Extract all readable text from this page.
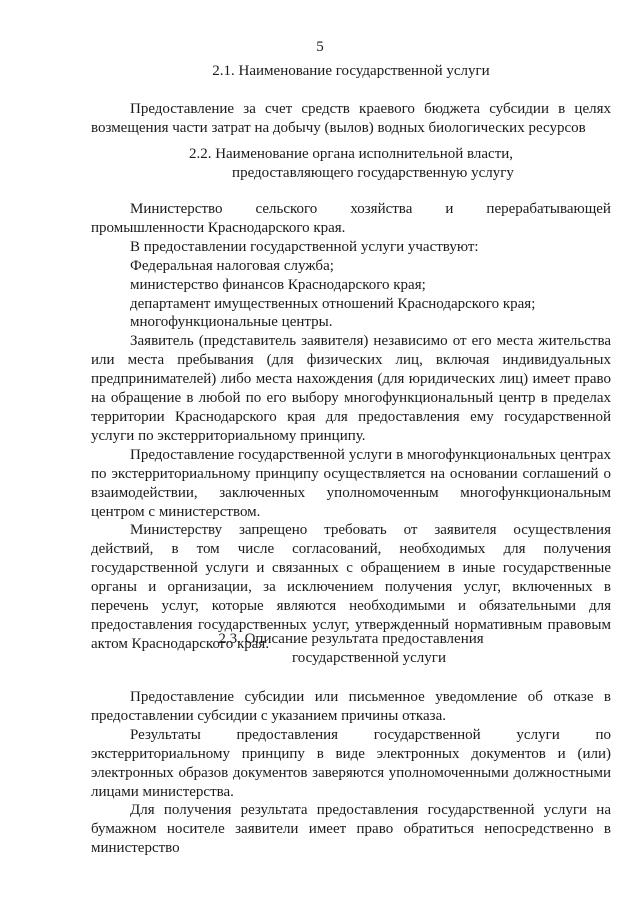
5
2.1. Наименование государственной услуги

Предоставление за счет средств краевого бюджета субсидии в целях возмещения части затрат на добычу (вылов) водных биологических ресурсов

2.2. Наименование органа исполнительной власти,
предоставляющего государственную услугу
Министерство сельского хозяйства и перерабатывающей

промышленности Краснодарского края.

В предоставлении государственной услуги участвуют:

Федеральная налоговая служба;

министерство финансов Краснодарского края;

департамент имущественных отношений Краснодарского края;

многофункциональные центры.

Заявитель (представитель заявителя) независимо от его места жительства или места пребывания (для физических лиц, включая индивидуальных предпринимателей) либо места нахождения (для юридических лиц) имеет право на обращение в любой по его выбору многофункциональный центр в пределах территории Краснодарского края для предоставления ему государственной услуги по экстерриториальному принципу.

Предоставление государственной услуги в многофункциональных центрах по экстерриториальному принципу осуществляется на основании соглашений о взаимодействии, заключенных уполномоченным многофункциональным центром с министерством.

Министерству запрещено требовать от заявителя осуществления действий, в том числе согласований, необходимых для получения государственной услуги и связанных с обращением в иные государственные органы и организации, за исключением получения услуг, включенных в перечень услуг, которые являются необходимыми и обязательными для предоставления государственных услуг, утвержденный нормативным правовым актом Краснодарского края.

2.3. Описание результата предоставления
государственной услуги

Предоставление субсидии или письменное уведомление об отказе в предоставлении субсидии с указанием причины отказа.

Результаты предоставления государственной услуги по экстерриториальному принципу в виде электронных документов и (или) электронных образов документов заверяются уполномоченными должностными лицами министерства.

Для получения результата предоставления государственной услуги на бумажном носителе заявители имеет право обратиться непосредственно в министерство
